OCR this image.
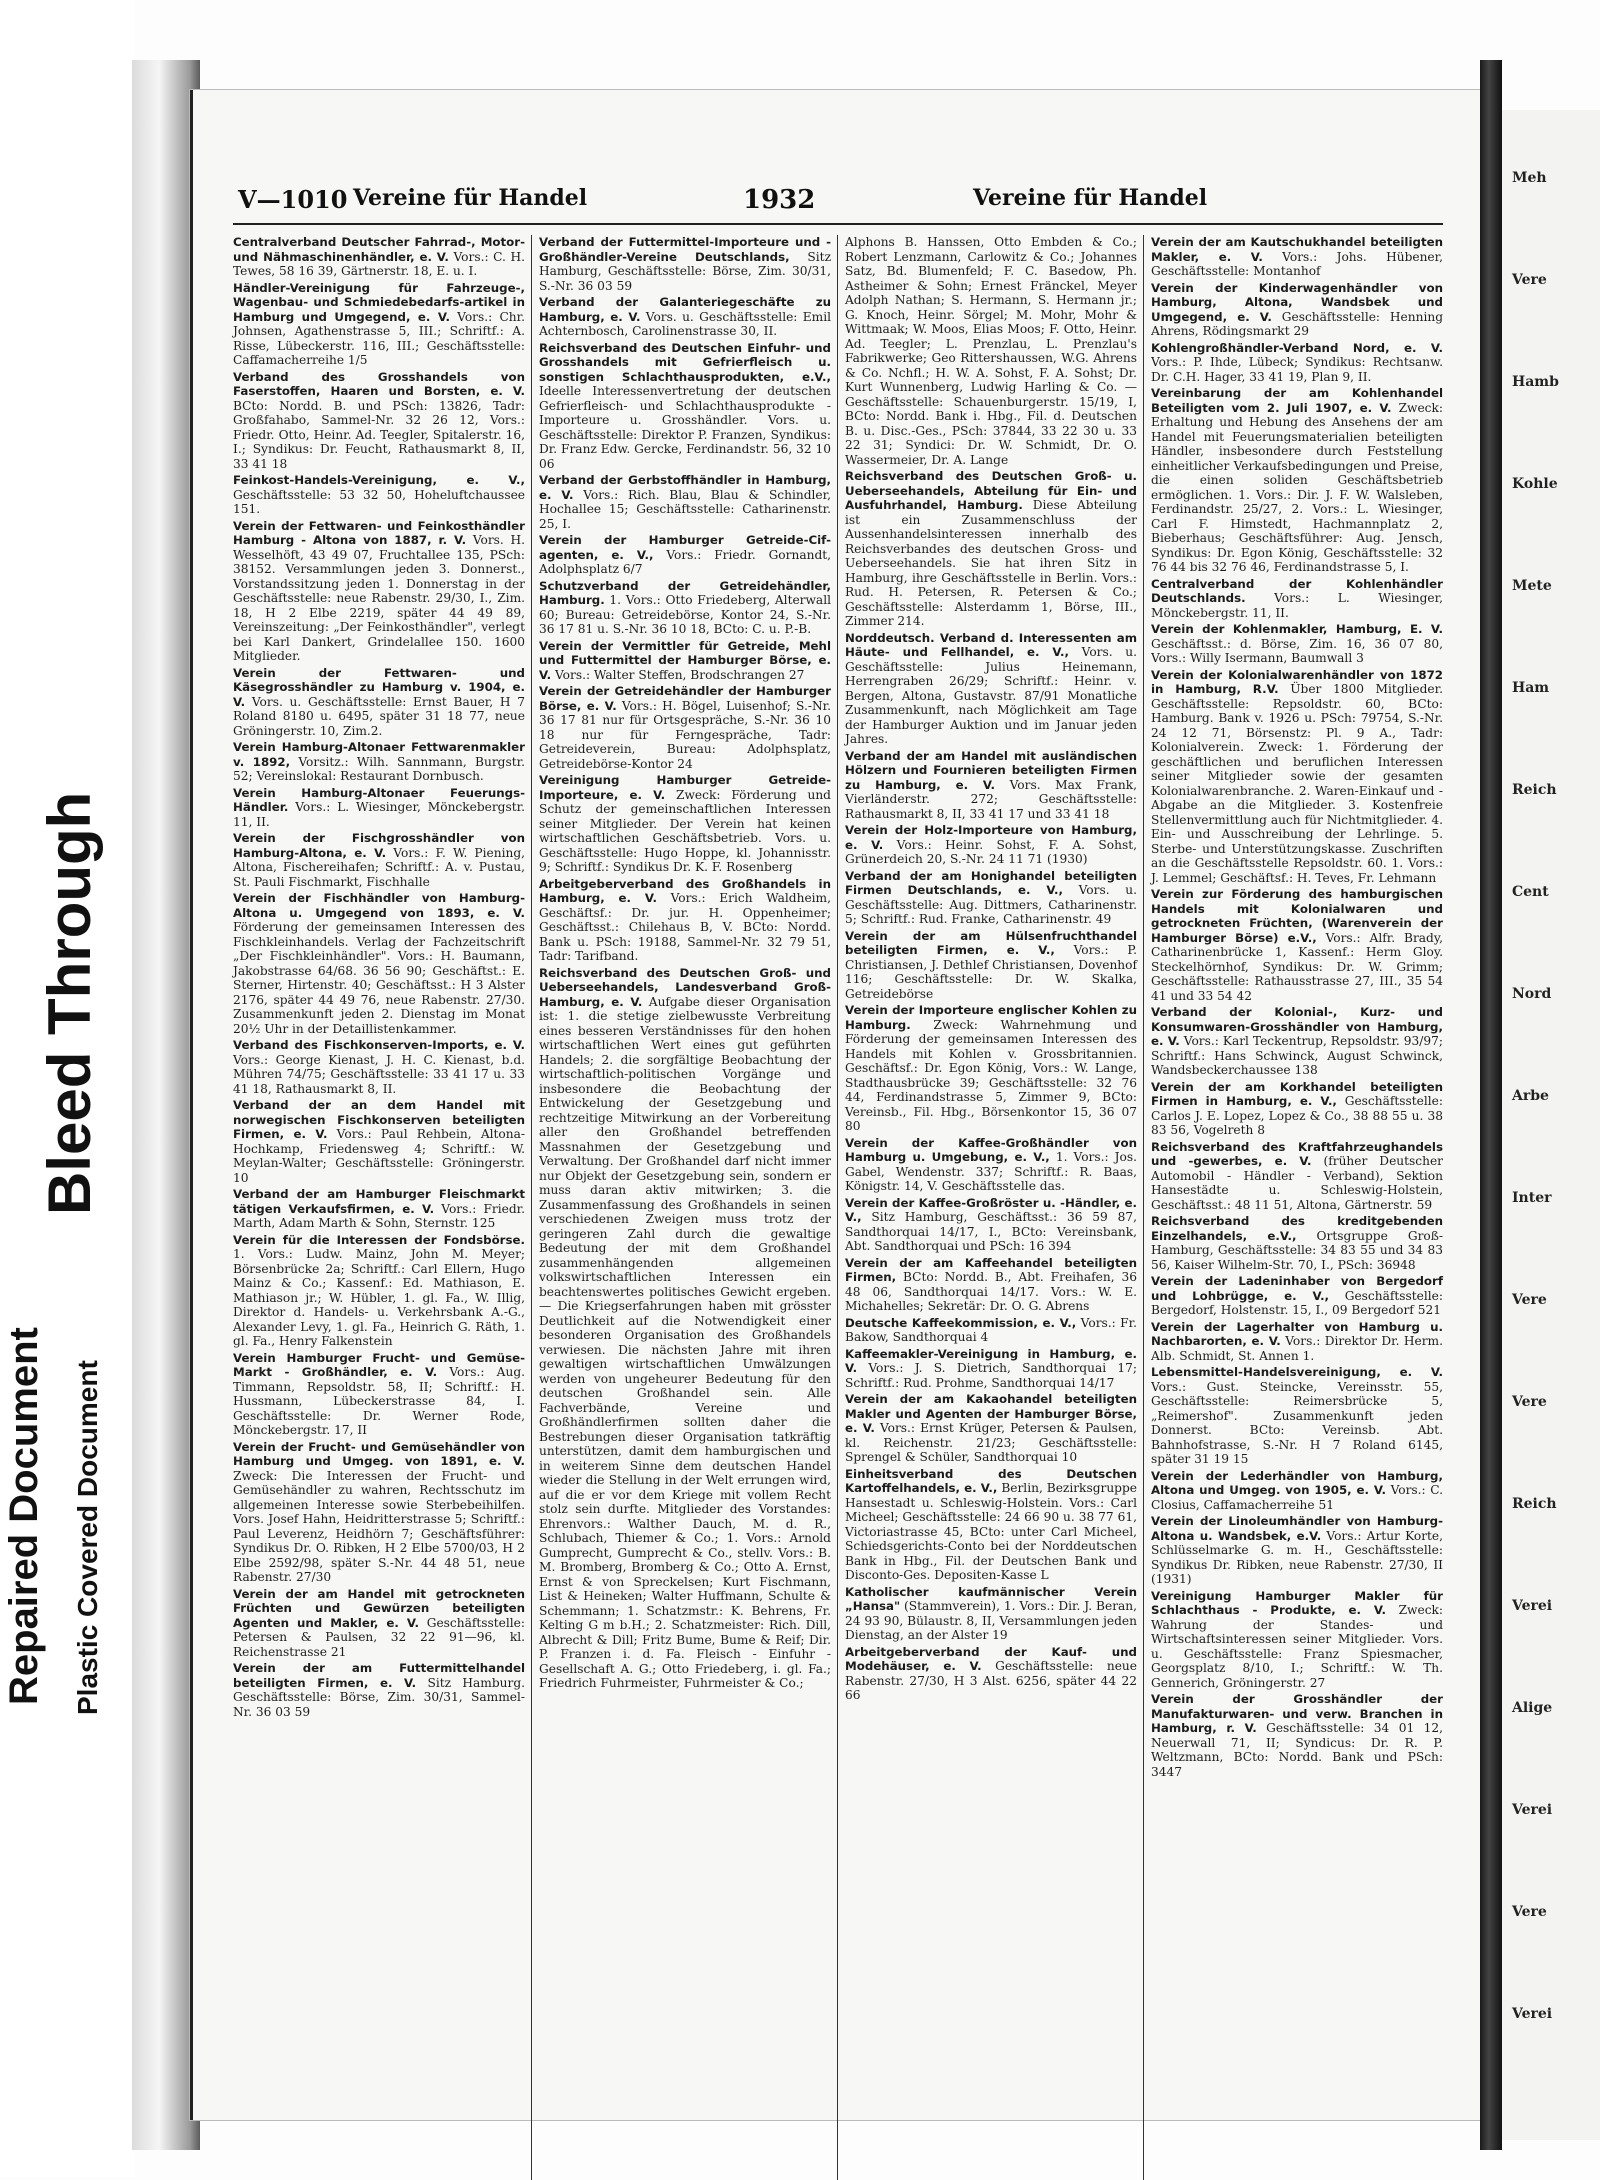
Repaired Document Plastic Covered Document
Bleed Through
V—1010 Vereine für Handel	1932	Vereine für Handel
Centralverband Deutscher Fahrrad-, Motor- und Nähmaschinenhändler, e. V. Vors.: C. H. Tewes, 58 16 39, Gärtnerstr. 18, E. u. I.
Händler-Vereinigung für Fahrzeuge-, Wagenbau- und Schmiedebedarfs-artikel in Hamburg und Umgegend, e. V. Vors.: Chr. Johnsen, Agathenstrasse 5, III.; Schriftf.: A. Risse, Lübeckerstr. 116, III.; Geschäftsstelle: Caffamacherreihe 1/5
Verband des Grosshandels von Faserstoffen, Haaren und Borsten, e. V. BCto: Nordd. B. und PSch: 13826, Tadr: Großfahabo, Sammel-Nr. 32 26 12, Vors.: Friedr. Otto, Heinr. Ad. Teegler, Spitalerstr. 16, I.; Syndikus: Dr. Feucht, Rathausmarkt 8, II, 33 41 18
Feinkost-Handels-Vereinigung, e. V., Geschäftsstelle: 53 32 50, Hoheluftchaussee 151.
Verein der Fettwaren- und Feinkosthändler Hamburg - Altona von 1887, r. V. Vors. H. Wesselhöft, 43 49 07, Fruchtallee 135, PSch: 38152. Versammlungen jeden 3. Donnerst., Vorstandssitzung jeden 1. Donnerstag in der Geschäftsstelle: neue Rabenstr. 29/30, I., Zim. 18, H 2 Elbe 2219, später 44 49 89, Vereinszeitung: „Der Feinkosthändler", verlegt bei Karl Dankert, Grindelallee 150. 1600 Mitglieder.
Verein der Fettwaren- und Käsegrosshändler zu Hamburg v. 1904, e. V. Vors. u. Geschäftsstelle: Ernst Bauer, H 7 Roland 8180 u. 6495, später 31 18 77, neue Gröningerstr. 10, Zim.2.
Verein Hamburg-Altonaer Fettwarenmakler v. 1892, Vorsitz.: Wilh. Sannmann, Burgstr. 52; Vereinslokal: Restaurant Dornbusch.
Verein Hamburg-Altonaer Feuerungs-Händler. Vors.: L. Wiesinger, Mönckebergstr. 11, II.
Verein der Fischgrosshändler von Hamburg-Altona, e. V. Vors.: F. W. Piening, Altona, Fischereihafen; Schriftf.: A. v. Pustau, St. Pauli Fischmarkt, Fischhalle
Verein der Fischhändler von Hamburg-Altona u. Umgegend von 1893, e. V. Förderung der gemeinsamen Interessen des Fischkleinhandels. Verlag der Fachzeitschrift „Der Fischkleinhändler". Vors.: H. Baumann, Jakobstrasse 64/68. 36 56 90; Geschäftst.: E. Sterner, Hirtenstr. 40; Geschäftsst.: H 3 Alster 2176, später 44 49 76, neue Rabenstr. 27/30. Zusammenkunft jeden 2. Dienstag im Monat 20½ Uhr in der Detaillistenkammer.
Verband des Fischkonserven-Imports, e. V. Vors.: George Kienast, J. H. C. Kienast, b.d. Mühren 74/75; Geschäftsstelle: 33 41 17 u. 33 41 18, Rathausmarkt 8, II.
Verband der an dem Handel mit norwegischen Fischkonserven beteiligten Firmen, e. V. Vors.: Paul Rehbein, Altona-Hochkamp, Friedensweg 4; Schriftf.: W. Meylan-Walter; Geschäftsstelle: Gröningerstr. 10
Verband der am Hamburger Fleischmarkt tätigen Verkaufsfirmen, e. V. Vors.: Friedr. Marth, Adam Marth & Sohn, Sternstr. 125
Verein für die Interessen der Fondsbörse. 1. Vors.: Ludw. Mainz, John M. Meyer; Börsenbrücke 2a; Schriftf.: Carl Ellern, Hugo Mainz & Co.; Kassenf.: Ed. Mathiason, E. Mathiason jr.; W. Hübler, 1. gl. Fa., W. Illig, Direktor d. Handels- u. Verkehrsbank A.-G., Alexander Levy, 1. gl. Fa., Heinrich G. Räth, 1. gl. Fa., Henry Falkenstein
Verein Hamburger Frucht- und Gemüse-Markt - Großhändler, e. V. Vors.: Aug. Timmann, Repsoldstr. 58, II; Schriftf.: H. Hussmann, Lübeckerstrasse 84, I. Geschäftsstelle: Dr. Werner Rode, Mönckebergstr. 17, II
Verein der Frucht- und Gemüsehändler von Hamburg und Umgeg. von 1891, e. V. Zweck: Die Interessen der Frucht- und Gemüsehändler zu wahren, Rechtsschutz im allgemeinen Interesse sowie Sterbebeihilfen. Vors. Josef Hahn, Heidritterstrasse 5; Schriftf.: Paul Leverenz, Heidhörn 7; Geschäftsführer: Syndikus Dr. O. Ribken, H 2 Elbe 5700/03, H 2 Elbe 2592/98, später S.-Nr. 44 48 51, neue Rabenstr. 27/30
Verein der am Handel mit getrockneten Früchten und Gewürzen beteiligten Agenten und Makler, e. V. Geschäftsstelle: Petersen & Paulsen, 32 22 91—96, kl. Reichenstrasse 21
Verein der am Futtermittelhandel beteiligten Firmen, e. V. Sitz Hamburg. Geschäftsstelle: Börse, Zim. 30/31, Sammel-Nr. 36 03 59
Verband der Futtermittel-Importeure und -Großhändler-Vereine Deutschlands, Sitz Hamburg, Geschäftsstelle: Börse, Zim. 30/31, S.-Nr. 36 03 59
Verband der Galanteriegeschäfte zu Hamburg, e. V. Vors. u. Geschäftsstelle: Emil Achternbosch, Carolinenstrasse 30, II.
Reichsverband des Deutschen Einfuhr- und Grosshandels mit Gefrierfleisch u. sonstigen Schlachthausprodukten, e.V., Ideelle Interessenvertretung der deutschen Gefrierfleisch- und Schlachthausprodukte - Importeure u. Grosshändler. Vors. u. Geschäftsstelle: Direktor P. Franzen, Syndikus: Dr. Franz Edw. Gercke, Ferdinandstr. 56, 32 10 06
Verband der Gerbstoffhändler in Hamburg, e. V. Vors.: Rich. Blau, Blau & Schindler, Hochallee 15; Geschäftsstelle: Catharinenstr. 25, I.
Verein der Hamburger Getreide-Cif-agenten, e. V., Vors.: Friedr. Gornandt, Adolphsplatz 6/7
Schutzverband der Getreidehändler, Hamburg. 1. Vors.: Otto Friedeberg, Alterwall 60; Bureau: Getreidebörse, Kontor 24, S.-Nr. 36 17 81 u. S.-Nr. 36 10 18, BCto: C. u. P.-B.
Verein der Vermittler für Getreide, Mehl und Futtermittel der Hamburger Börse, e. V. Vors.: Walter Steffen, Brodschrangen 27
Verein der Getreidehändler der Hamburger Börse, e. V. Vors.: H. Bögel, Luisenhof; S.-Nr. 36 17 81 nur für Ortsgespräche, S.-Nr. 36 10 18 nur für Ferngespräche, Tadr: Getreideverein, Bureau: Adolphsplatz, Getreidebörse-Kontor 24
Vereinigung Hamburger Getreide-Importeure, e. V. Zweck: Förderung und Schutz der gemeinschaftlichen Interessen seiner Mitglieder. Der Verein hat keinen wirtschaftlichen Geschäftsbetrieb. Vors. u. Geschäftsstelle: Hugo Hoppe, kl. Johannisstr. 9; Schriftf.: Syndikus Dr. K. F. Rosenberg
Arbeitgeberverband des Großhandels in Hamburg, e. V. Vors.: Erich Waldheim, Geschäftsf.: Dr. jur. H. Oppenheimer; Geschäftsst.: Chilehaus B, V. BCto: Nordd. Bank u. PSch: 19188, Sammel-Nr. 32 79 51, Tadr: Tarifband.
Reichsverband des Deutschen Groß- und Ueberseehandels, Landesverband Groß-Hamburg, e. V. Aufgabe dieser Organisation ist: 1. die stetige zielbewusste Verbreitung eines besseren Verständnisses für den hohen wirtschaftlichen Wert eines gut geführten Handels; 2. die sorgfältige Beobachtung der wirtschaftlich-politischen Vorgänge und insbesondere die Beobachtung der Entwickelung der Gesetzgebung und rechtzeitige Mitwirkung an der Vorbereitung aller den Großhandel betreffenden Massnahmen der Gesetzgebung und Verwaltung. Der Großhandel darf nicht immer nur Objekt der Gesetzgebung sein, sondern er muss daran aktiv mitwirken; 3. die Zusammenfassung des Großhandels in seinen verschiedenen Zweigen muss trotz der geringeren Zahl durch die gewaltige Bedeutung der mit dem Großhandel zusammenhängenden allgemeinen volkswirtschaftlichen Interessen ein beachtenswertes politisches Gewicht ergeben. — Die Kriegserfahrungen haben mit grösster Deutlichkeit auf die Notwendigkeit einer besonderen Organisation des Großhandels verwiesen. Die nächsten Jahre mit ihren gewaltigen wirtschaftlichen Umwälzungen werden von ungeheurer Bedeutung für den deutschen Großhandel sein. Alle Fachverbände, Vereine und Großhändlerfirmen sollten daher die Bestrebungen dieser Organisation tatkräftig unterstützen, damit dem hamburgischen und in weiterem Sinne dem deutschen Handel wieder die Stellung in der Welt errungen wird, auf die er vor dem Kriege mit vollem Recht stolz sein durfte. Mitglieder des Vorstandes: Ehrenvors.: Walther Dauch, M. d. R., Schlubach, Thiemer & Co.; 1. Vors.: Arnold Gumprecht, Gumprecht & Co., stellv. Vors.: B. M. Bromberg, Bromberg & Co.; Otto A. Ernst, Ernst & von Spreckelsen; Kurt Fischmann, List & Heineken; Walter Huffmann, Schulte & Schemmann; 1. Schatzmstr.: K. Behrens, Fr. Kelting G m b.H.; 2. Schatzmeister: Rich. Dill, Albrecht & Dill; Fritz Bume, Bume & Reif; Dir. P. Franzen i. d. Fa. Fleisch - Einfuhr - Gesellschaft A. G.; Otto Friedeberg, i. gl. Fa.; Friedrich Fuhrmeister, Fuhrmeister & Co.;
Alphons B. Hanssen, Otto Embden & Co.; Robert Lenzmann, Carlowitz & Co.; Johannes Satz, Bd. Blumenfeld; F. C. Basedow, Ph. Astheimer & Sohn; Ernest Fränckel, Meyer Adolph Nathan; S. Hermann, S. Hermann jr.; G. Knoch, Heinr. Sörgel; M. Mohr, Mohr & Wittmaak; W. Moos, Elias Moos; F. Otto, Heinr. Ad. Teegler; L. Prenzlau, L. Prenzlau's Fabrikwerke; Geo Rittershaussen, W.G. Ahrens & Co. Nchfl.; H. W. A. Sohst, F. A. Sohst; Dr. Kurt Wunnenberg, Ludwig Harling & Co. — Geschäftsstelle: Schauenburgerstr. 15/19, I, BCto: Nordd. Bank i. Hbg., Fil. d. Deutschen B. u. Disc.-Ges., PSch: 37844, 33 22 30 u. 33 22 31; Syndici: Dr. W. Schmidt, Dr. O. Wassermeier, Dr. A. Lange
Reichsverband des Deutschen Groß- u. Ueberseehandels, Abteilung für Ein- und Ausfuhrhandel, Hamburg. Diese Abteilung ist ein Zusammenschluss der Aussenhandelsinteressen innerhalb des Reichsverbandes des deutschen Gross- und Ueberseehandels. Sie hat ihren Sitz in Hamburg, ihre Geschäftsstelle in Berlin. Vors.: Rud. H. Petersen, R. Petersen & Co.; Geschäftsstelle: Alsterdamm 1, Börse, III., Zimmer 214.
Norddeutsch. Verband d. Interessenten am Häute- und Fellhandel, e. V., Vors. u. Geschäftsstelle: Julius Heinemann, Herrengraben 26/29; Schriftf.: Heinr. v. Bergen, Altona, Gustavstr. 87/91 Monatliche Zusammenkunft, nach Möglichkeit am Tage der Hamburger Auktion und im Januar jeden Jahres.
Verband der am Handel mit ausländischen Hölzern und Fournieren beteiligten Firmen zu Hamburg, e. V. Vors. Max Frank, Vierländerstr. 272; Geschäftsstelle: Rathausmarkt 8, II, 33 41 17 und 33 41 18
Verein der Holz-Importeure von Hamburg, e. V. Vors.: Heinr. Sohst, F. A. Sohst, Grünerdeich 20, S.-Nr. 24 11 71 (1930)
Verband der am Honighandel beteiligten Firmen Deutschlands, e. V., Vors. u. Geschäftsstelle: Aug. Dittmers, Catharinenstr. 5; Schriftf.: Rud. Franke, Catharinenstr. 49
Verein der am Hülsenfruchthandel beteiligten Firmen, e. V., Vors.: P. Christiansen, J. Dethlef Christiansen, Dovenhof 116; Geschäftsstelle: Dr. W. Skalka, Getreidebörse
Verein der Importeure englischer Kohlen zu Hamburg. Zweck: Wahrnehmung und Förderung der gemeinsamen Interessen des Handels mit Kohlen v. Grossbritannien. Geschäftsf.: Dr. Egon König, Vors.: W. Lange, Stadthausbrücke 39; Geschäftsstelle: 32 76 44, Ferdinandstrasse 5, Zimmer 9, BCto: Vereinsb., Fil. Hbg., Börsenkontor 15, 36 07 80
Verein der Kaffee-Großhändler von Hamburg u. Umgebung, e. V., 1. Vors.: Jos. Gabel, Wendenstr. 337; Schriftf.: R. Baas, Königstr. 14, V. Geschäftsstelle das.
Verein der Kaffee-Großröster u. -Händler, e. V., Sitz Hamburg, Geschäftsst.: 36 59 87, Sandthorquai 14/17, I., BCto: Vereinsbank, Abt. Sandthorquai und PSch: 16 394
Verein der am Kaffeehandel beteiligten Firmen, BCto: Nordd. B., Abt. Freihafen, 36 48 06, Sandthorquai 14/17. Vors.: W. E. Michahelles; Sekretär: Dr. O. G. Abrens
Deutsche Kaffeekommission, e. V., Vors.: Fr. Bakow, Sandthorquai 4
Kaffeemakler-Vereinigung in Hamburg, e. V. Vors.: J. S. Dietrich, Sandthorquai 17; Schriftf.: Rud. Prohme, Sandthorquai 14/17
Verein der am Kakaohandel beteiligten Makler und Agenten der Hamburger Börse, e. V. Vors.: Ernst Krüger, Petersen & Paulsen, kl. Reichenstr. 21/23; Geschäftsstelle: Sprengel & Schüler, Sandthorquai 10
Einheitsverband des Deutschen Kartoffelhandels, e. V., Berlin, Bezirksgruppe Hansestadt u. Schleswig-Holstein. Vors.: Carl Micheel; Geschäftsstelle: 24 66 90 u. 38 77 61, Victoriastrasse 45, BCto: unter Carl Micheel, Schiedsgerichts-Conto bei der Norddeutschen Bank in Hbg., Fil. der Deutschen Bank und Disconto-Ges. Depositen-Kasse L
Katholischer kaufmännischer Verein „Hansa" (Stammverein), 1. Vors.: Dir. J. Beran, 24 93 90, Bülaustr. 8, II, Versammlungen jeden Dienstag, an der Alster 19
Arbeitgeberverband der Kauf- und Modehäuser, e. V. Geschäftsstelle: neue Rabenstr. 27/30, H 3 Alst. 6256, später 44 22 66
Verein der am Kautschukhandel beteiligten Makler, e. V. Vors.: Johs. Hübener, Geschäftsstelle: Montanhof
Verein der Kinderwagenhändler von Hamburg, Altona, Wandsbek und Umgegend, e. V. Geschäftsstelle: Henning Ahrens, Rödingsmarkt 29
Kohlengroßhändler-Verband Nord, e. V. Vors.: P. Ihde, Lübeck; Syndikus: Rechtsanw. Dr. C.H. Hager, 33 41 19, Plan 9, II.
Vereinbarung der am Kohlenhandel Beteiligten vom 2. Juli 1907, e. V. Zweck: Erhaltung und Hebung des Ansehens der am Handel mit Feuerungsmaterialien beteiligten Händler, insbesondere durch Feststellung einheitlicher Verkaufsbedingungen und Preise, die einen soliden Geschäftsbetrieb ermöglichen. 1. Vors.: Dir. J. F. W. Walsleben, Ferdinandstr. 25/27, 2. Vors.: L. Wiesinger, Carl F. Himstedt, Hachmannplatz 2, Bieberhaus; Geschäftsführer: Aug. Jensch, Syndikus: Dr. Egon König, Geschäftsstelle: 32 76 44 bis 32 76 46, Ferdinandstrasse 5, I.
Centralverband der Kohlenhändler Deutschlands. Vors.: L. Wiesinger, Mönckebergstr. 11, II.
Verein der Kohlenmakler, Hamburg, E. V. Geschäftsst.: d. Börse, Zim. 16, 36 07 80, Vors.: Willy Isermann, Baumwall 3
Verein der Kolonialwarenhändler von 1872 in Hamburg, R.V. Über 1800 Mitglieder. Geschäftsstelle: Repsoldstr. 60, BCto: Hamburg. Bank v. 1926 u. PSch: 79754, S.-Nr. 24 12 71, Börsenstz: Pl. 9 A., Tadr: Kolonialverein. Zweck: 1. Förderung der geschäftlichen und beruflichen Interessen seiner Mitglieder sowie der gesamten Kolonialwarenbranche. 2. Waren-Einkauf und -Abgabe an die Mitglieder. 3. Kostenfreie Stellenvermittlung auch für Nichtmitglieder. 4. Ein- und Ausschreibung der Lehrlinge. 5. Sterbe- und Unterstützungskasse. Zuschriften an die Geschäftsstelle Repsoldstr. 60. 1. Vors.: J. Lemmel; Geschäftsf.: H. Teves, Fr. Lehmann
Verein zur Förderung des hamburgischen Handels mit Kolonialwaren und getrockneten Früchten, (Warenverein der Hamburger Börse) e.V., Vors.: Alfr. Brady, Catharinenbrücke 1, Kassenf.: Herm Gloy. Steckelhörnhof, Syndikus: Dr. W. Grimm; Geschäftsstelle: Rathausstrasse 27, III., 35 54 41 und 33 54 42
Verband der Kolonial-, Kurz- und Konsumwaren-Grosshändler von Hamburg, e. V. Vors.: Karl Teckentrup, Repsoldstr. 93/97; Schriftf.: Hans Schwinck, August Schwinck, Wandsbeckerchaussee 138
Verein der am Korkhandel beteiligten Firmen in Hamburg, e. V., Geschäftsstelle: Carlos J. E. Lopez, Lopez & Co., 38 88 55 u. 38 83 56, Vogelreth 8
Reichsverband des Kraftfahrzeughandels und -gewerbes, e. V. (früher Deutscher Automobil - Händler - Verband), Sektion Hansestädte u. Schleswig-Holstein, Geschäftsst.: 48 11 51, Altona, Gärtnerstr. 59
Reichsverband des kreditgebenden Einzelhandels, e.V., Ortsgruppe Groß-Hamburg, Geschäftsstelle: 34 83 55 und 34 83 56, Kaiser Wilhelm-Str. 70, I., PSch: 36948
Verein der Ladeninhaber von Bergedorf und Lohbrügge, e. V., Geschäftsstelle: Bergedorf, Holstenstr. 15, I., 09 Bergedorf 521
Verein der Lagerhalter von Hamburg u. Nachbarorten, e. V. Vors.: Direktor Dr. Herm. Alb. Schmidt, St. Annen 1.
Lebensmittel-Handelsvereinigung, e. V. Vors.: Gust. Steincke, Vereinsstr. 55, Geschäftsstelle: Reimersbrücke 5, „Reimershof". Zusammenkunft jeden Donnerst. BCto: Vereinsb. Abt. Bahnhofstrasse, S.-Nr. H 7 Roland 6145, später 31 19 15
Verein der Lederhändler von Hamburg, Altona und Umgeg. von 1905, e. V. Vors.: C. Closius, Caffamacherreihe 51
Verein der Linoleumhändler von Hamburg-Altona u. Wandsbek, e.V. Vors.: Artur Korte, Schlüsselmarke G. m. H., Geschäftsstelle: Syndikus Dr. Ribken, neue Rabenstr. 27/30, II (1931)
Vereinigung Hamburger Makler für Schlachthaus - Produkte, e. V. Zweck: Wahrung der Standes- und Wirtschaftsinteressen seiner Mitglieder. Vors. u. Geschäftsstelle: Franz Spiesmacher, Georgsplatz 8/10, I.; Schriftf.: W. Th. Gennerich, Gröningerstr. 27
Verein der Grosshändler der Manufakturwaren- und verw. Branchen in Hamburg, r. V. Geschäftsstelle: 34 01 12, Neuerwall 71, II; Syndicus: Dr. R. P. Weltzmann, BCto: Nordd. Bank und PSch: 3447
Meh
Vere
Hamb
Kohle
Mete
Ham
Reich
Cent
Nord
Arbe
Inter
Vere
Vere
Reich
Verei
Alige
Verei
Vere
Verei
